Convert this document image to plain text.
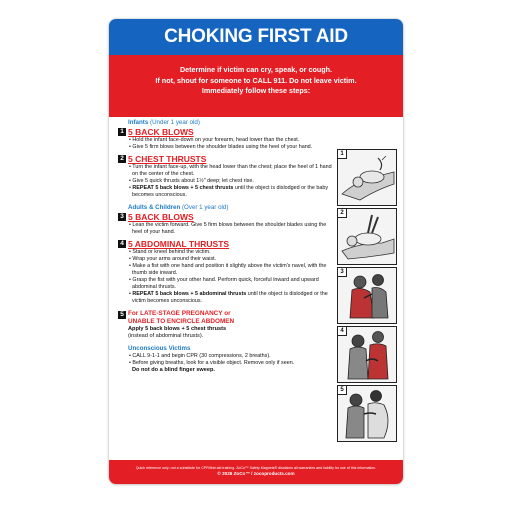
CHOKING FIRST AID

Determine if victim can cry, speak, or cough.

If not, shout for someone to CALL 911. Do not leave victim.

Immediately follow these steps:

Infants (Under 1 year old)
1 5 BACK BLOWS
• Hold the infant face-down on your forearm, head lower than the chest.
• Give 5 firm blows between the shoulder blades using the heel of your hand.
2 5 CHEST THRUSTS
• Turn the infant face-up, with the head lower than the chest; place the heel of 1 hand on the center of the chest.
• Give 5 quick thrusts about 1½" deep; let chest rise.
• REPEAT 5 back blows + 5 chest thrusts until the object is dislodged or the baby becomes unconscious.
Adults & Children (Over 1 year old)
3 5 BACK BLOWS
• Lean the victim forward. Give 5 firm blows between the shoulder blades using the heel of your hand.
4 5 ABDOMINAL THRUSTS
• Stand or kneel behind the victim.
• Wrap your arms around their waist.
• Make a fist with one hand and position it slightly above the victim's navel, with the thumb side inward.
• Grasp the fist with your other hand. Perform quick, forceful inward and upward abdominal thrusts.
• REPEAT 5 back blows + 5 abdominal thrusts until the object is dislodged or the victim becomes unconscious.
5 For LATE-STAGE PREGNANCY or
UNABLE TO ENCIRCLE ABDOMEN
Apply 5 back blows + 5 chest thrusts
(instead of abdominal thrusts).
Unconscious Victims
• CALL 9-1-1 and begin CPR (30 compressions, 2 breaths).
• Before giving breaths, look for a visible object. Remove only if seen.
Do not do a blind finger sweep.
1
2
3
4
5
Quick reference only; not a substitute for CPR/first aid training. ZoCo™ Safety Magnets® disclaims all warranties and liability for use of this information.
© 2026 ZoCo™ / zocoproducts.com
